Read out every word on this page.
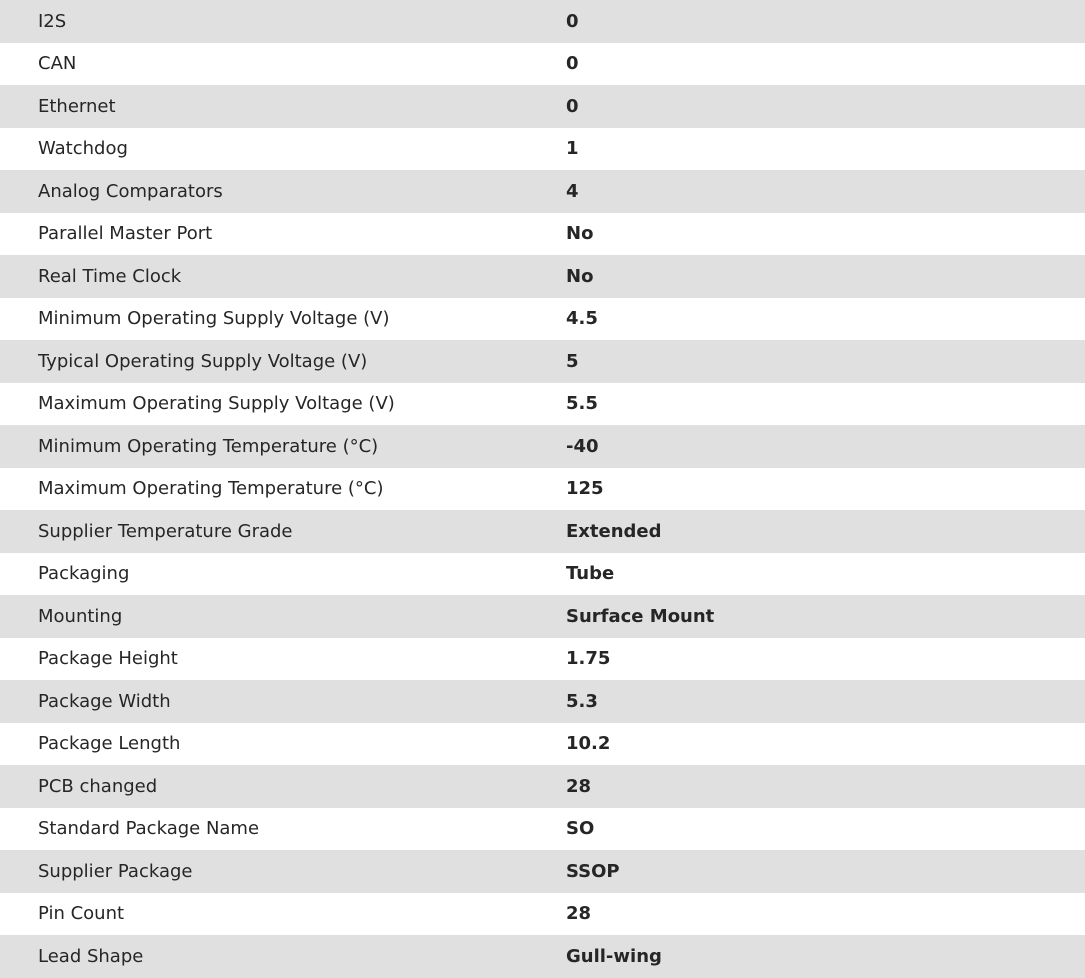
I2S	0
CAN	0
Ethernet	0
Watchdog	1
Analog Comparators	4
Parallel Master Port	No
Real Time Clock	No
Minimum Operating Supply Voltage (V)	4.5
Typical Operating Supply Voltage (V)	5
Maximum Operating Supply Voltage (V)	5.5
Minimum Operating Temperature (°C)	-40
Maximum Operating Temperature (°C)	125
Supplier Temperature Grade	Extended
Packaging	Tube
Mounting	Surface Mount
Package Height	1.75
Package Width	5.3
Package Length	10.2
PCB changed	28
Standard Package Name	SO
Supplier Package	SSOP
Pin Count	28
Lead Shape	Gull-wing
